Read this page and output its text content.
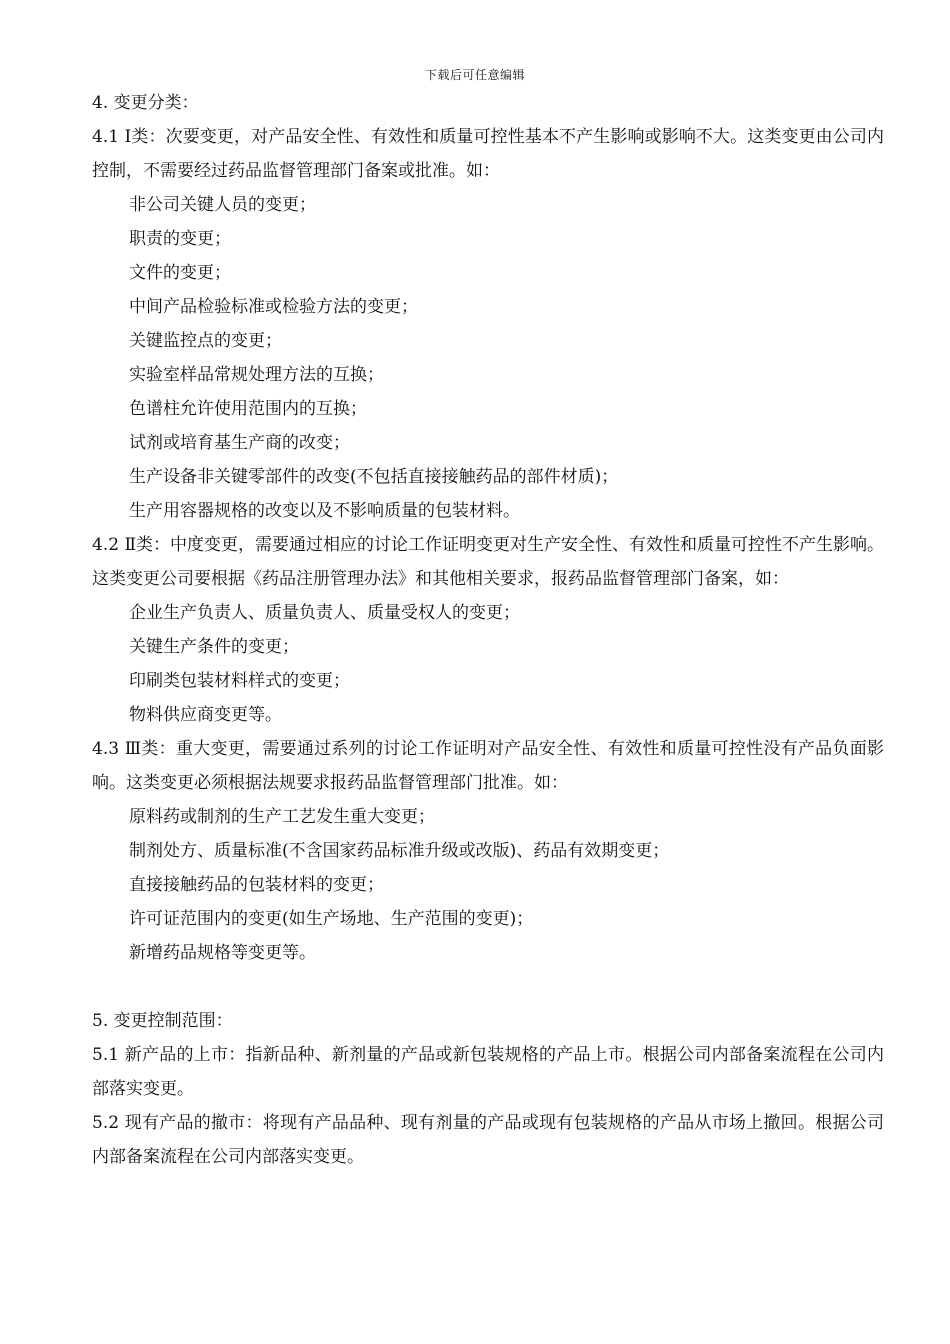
下载后可任意编辑
4. 变更分类：
4.1 Ⅰ类：次要变更，对产品安全性、有效性和质量可控性基本不产生影响或影响不大。这类变更由公司内控制，不需要经过药品监督管理部门备案或批准。如：
非公司关键人员的变更；
职责的变更；
文件的变更；
中间产品检验标准或检验方法的变更；
关键监控点的变更；
实验室样品常规处理方法的互换；
色谱柱允许使用范围内的互换；
试剂或培育基生产商的改变；
生产设备非关键零部件的改变(不包括直接接触药品的部件材质)；
生产用容器规格的改变以及不影响质量的包装材料。
4.2 Ⅱ类：中度变更，需要通过相应的讨论工作证明变更对生产安全性、有效性和质量可控性不产生影响。这类变更公司要根据《药品注册管理办法》和其他相关要求，报药品监督管理部门备案，如：
企业生产负责人、质量负责人、质量受权人的变更；
关键生产条件的变更；
印刷类包装材料样式的变更；
物料供应商变更等。
4.3 Ⅲ类：重大变更，需要通过系列的讨论工作证明对产品安全性、有效性和质量可控性没有产品负面影响。这类变更必须根据法规要求报药品监督管理部门批准。如：
原料药或制剂的生产工艺发生重大变更；
制剂处方、质量标准(不含国家药品标准升级或改版)、药品有效期变更；
直接接触药品的包装材料的变更；
许可证范围内的变更(如生产场地、生产范围的变更)；
新增药品规格等变更等。
5. 变更控制范围：
5.1 新产品的上市：指新品种、新剂量的产品或新包装规格的产品上市。根据公司内部备案流程在公司内部落实变更。
5.2 现有产品的撤市：将现有产品品种、现有剂量的产品或现有包装规格的产品从市场上撤回。根据公司内部备案流程在公司内部落实变更。
